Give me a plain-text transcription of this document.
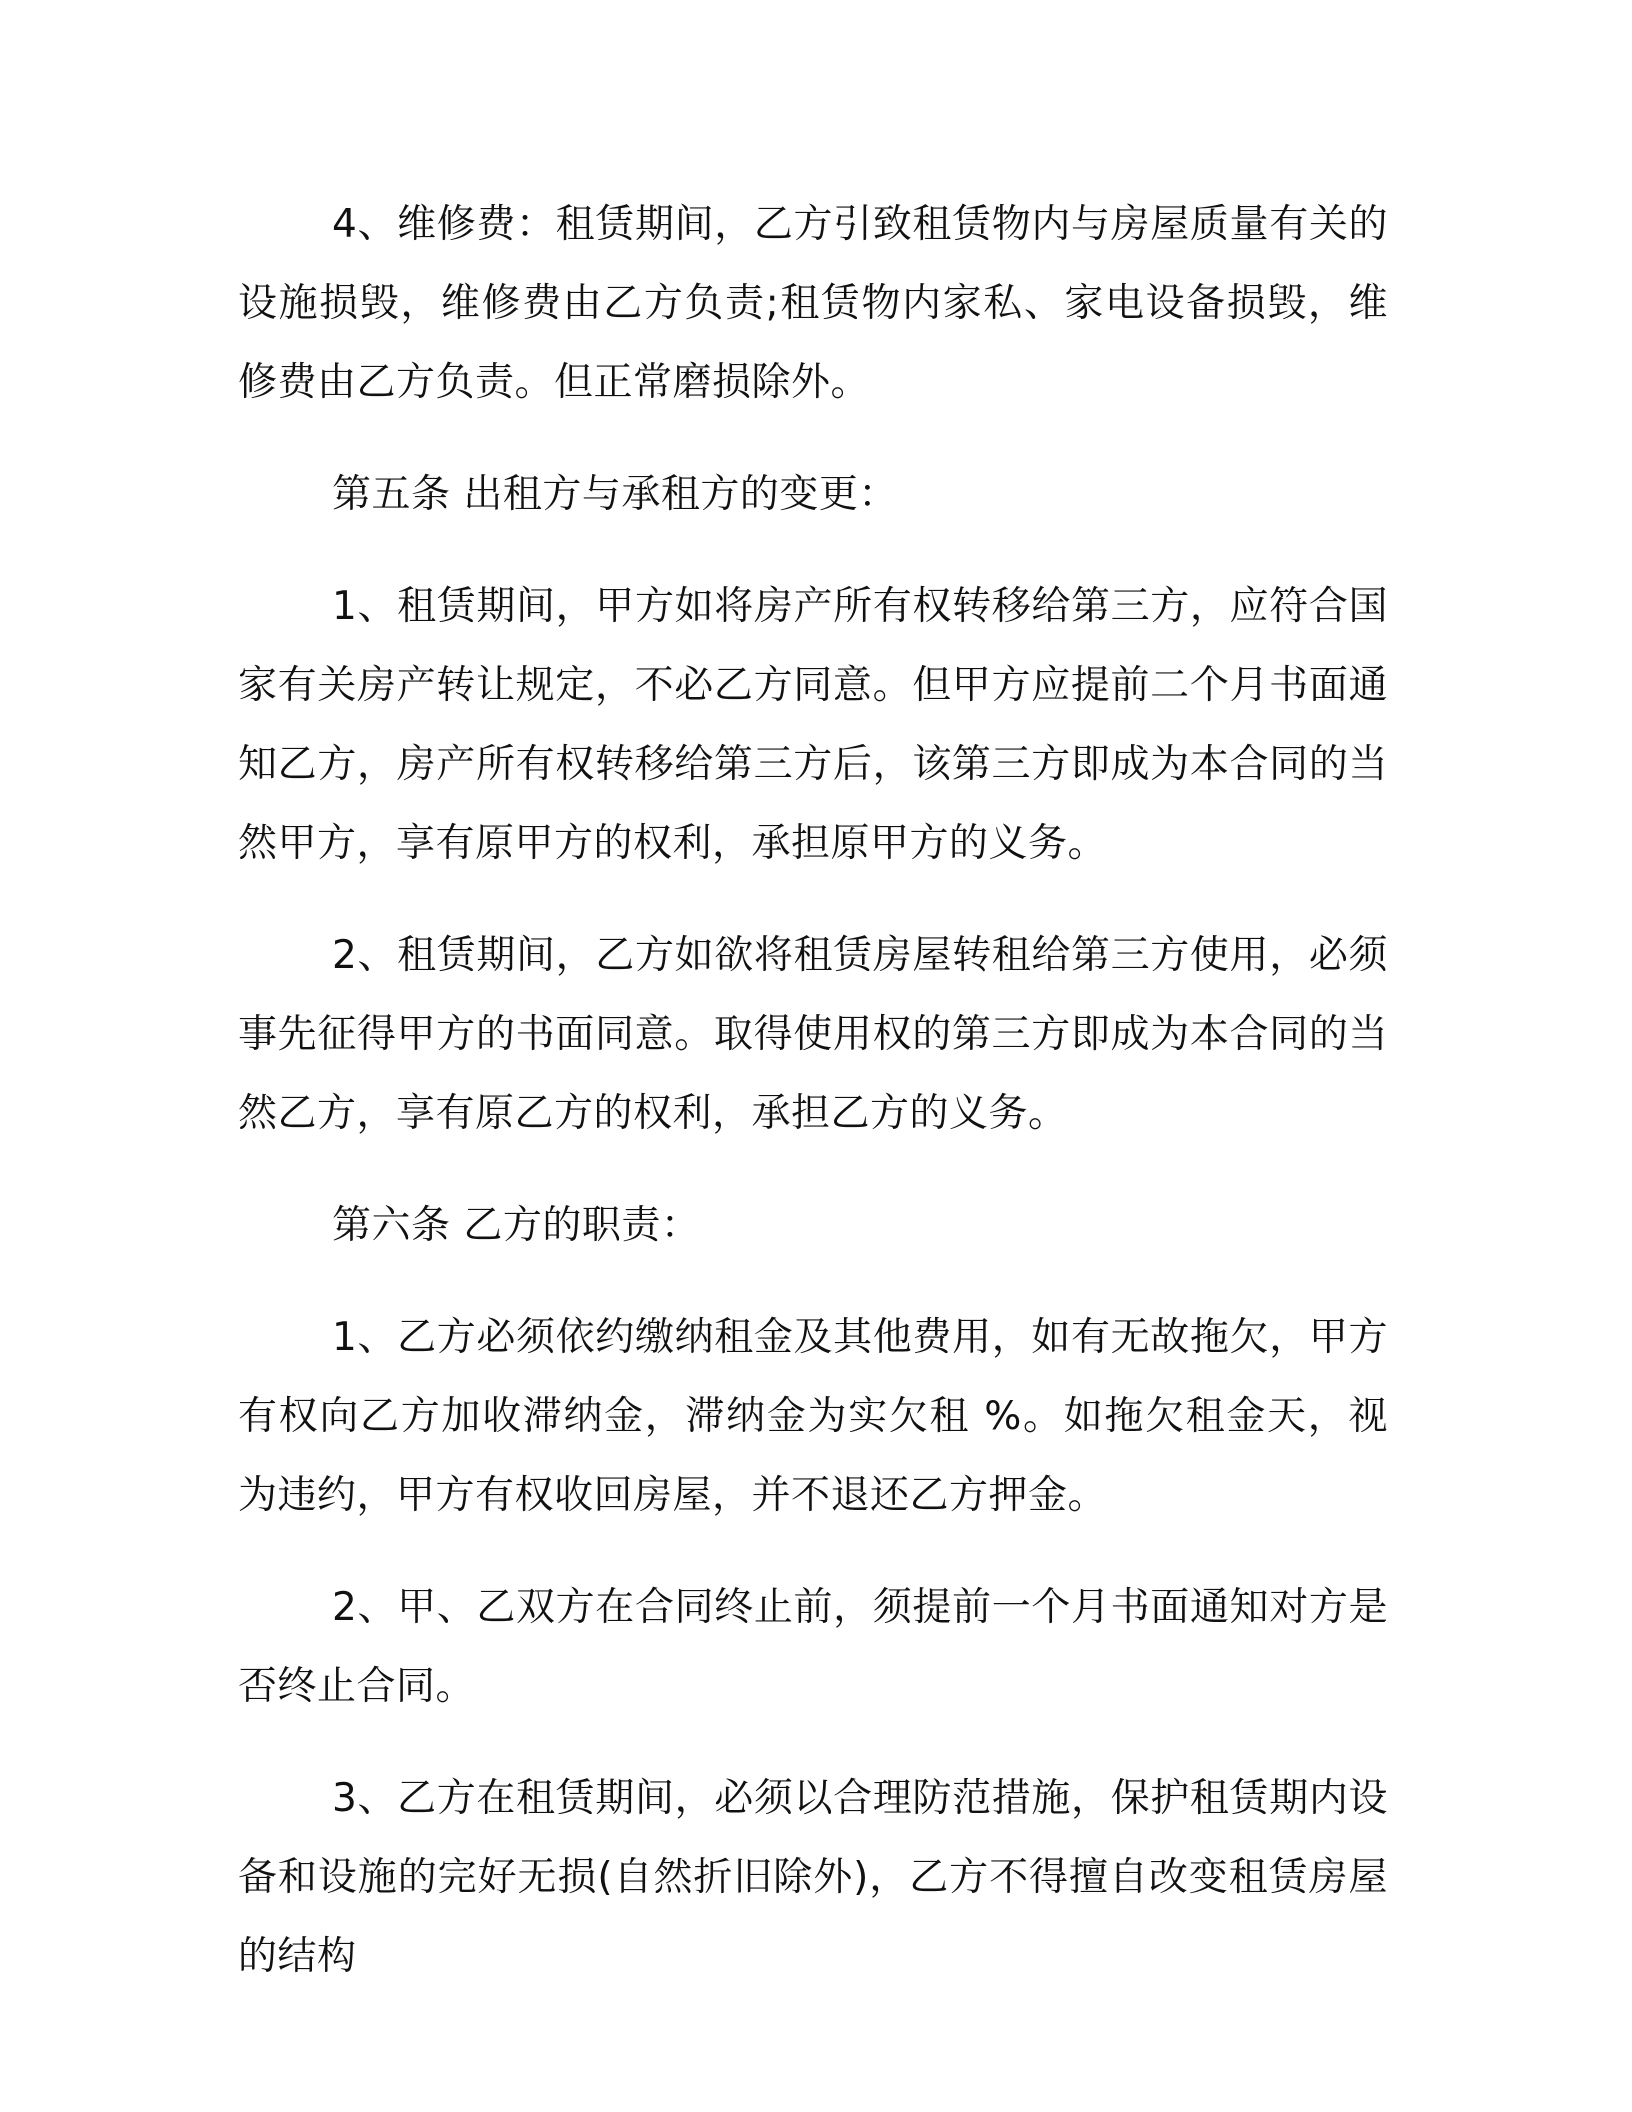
4、维修费：租赁期间，乙方引致租赁物内与房屋质量有关的设施损毁，维修费由乙方负责;租赁物内家私、家电设备损毁，维修费由乙方负责。但正常磨损除外。

第五条 出租方与承租方的变更：

1、租赁期间，甲方如将房产所有权转移给第三方，应符合国家有关房产转让规定，不必乙方同意。但甲方应提前二个月书面通知乙方，房产所有权转移给第三方后，该第三方即成为本合同的当然甲方，享有原甲方的权利，承担原甲方的义务。

2、租赁期间，乙方如欲将租赁房屋转租给第三方使用，必须事先征得甲方的书面同意。取得使用权的第三方即成为本合同的当然乙方，享有原乙方的权利，承担乙方的义务。

第六条 乙方的职责：

1、乙方必须依约缴纳租金及其他费用，如有无故拖欠，甲方有权向乙方加收滞纳金，滞纳金为实欠租 %。如拖欠租金天，视为违约，甲方有权收回房屋，并不退还乙方押金。

2、甲、乙双方在合同终止前，须提前一个月书面通知对方是否终止合同。

3、乙方在租赁期间，必须以合理防范措施，保护租赁期内设备和设施的完好无损(自然折旧除外)，乙方不得擅自改变租赁房屋的结构
